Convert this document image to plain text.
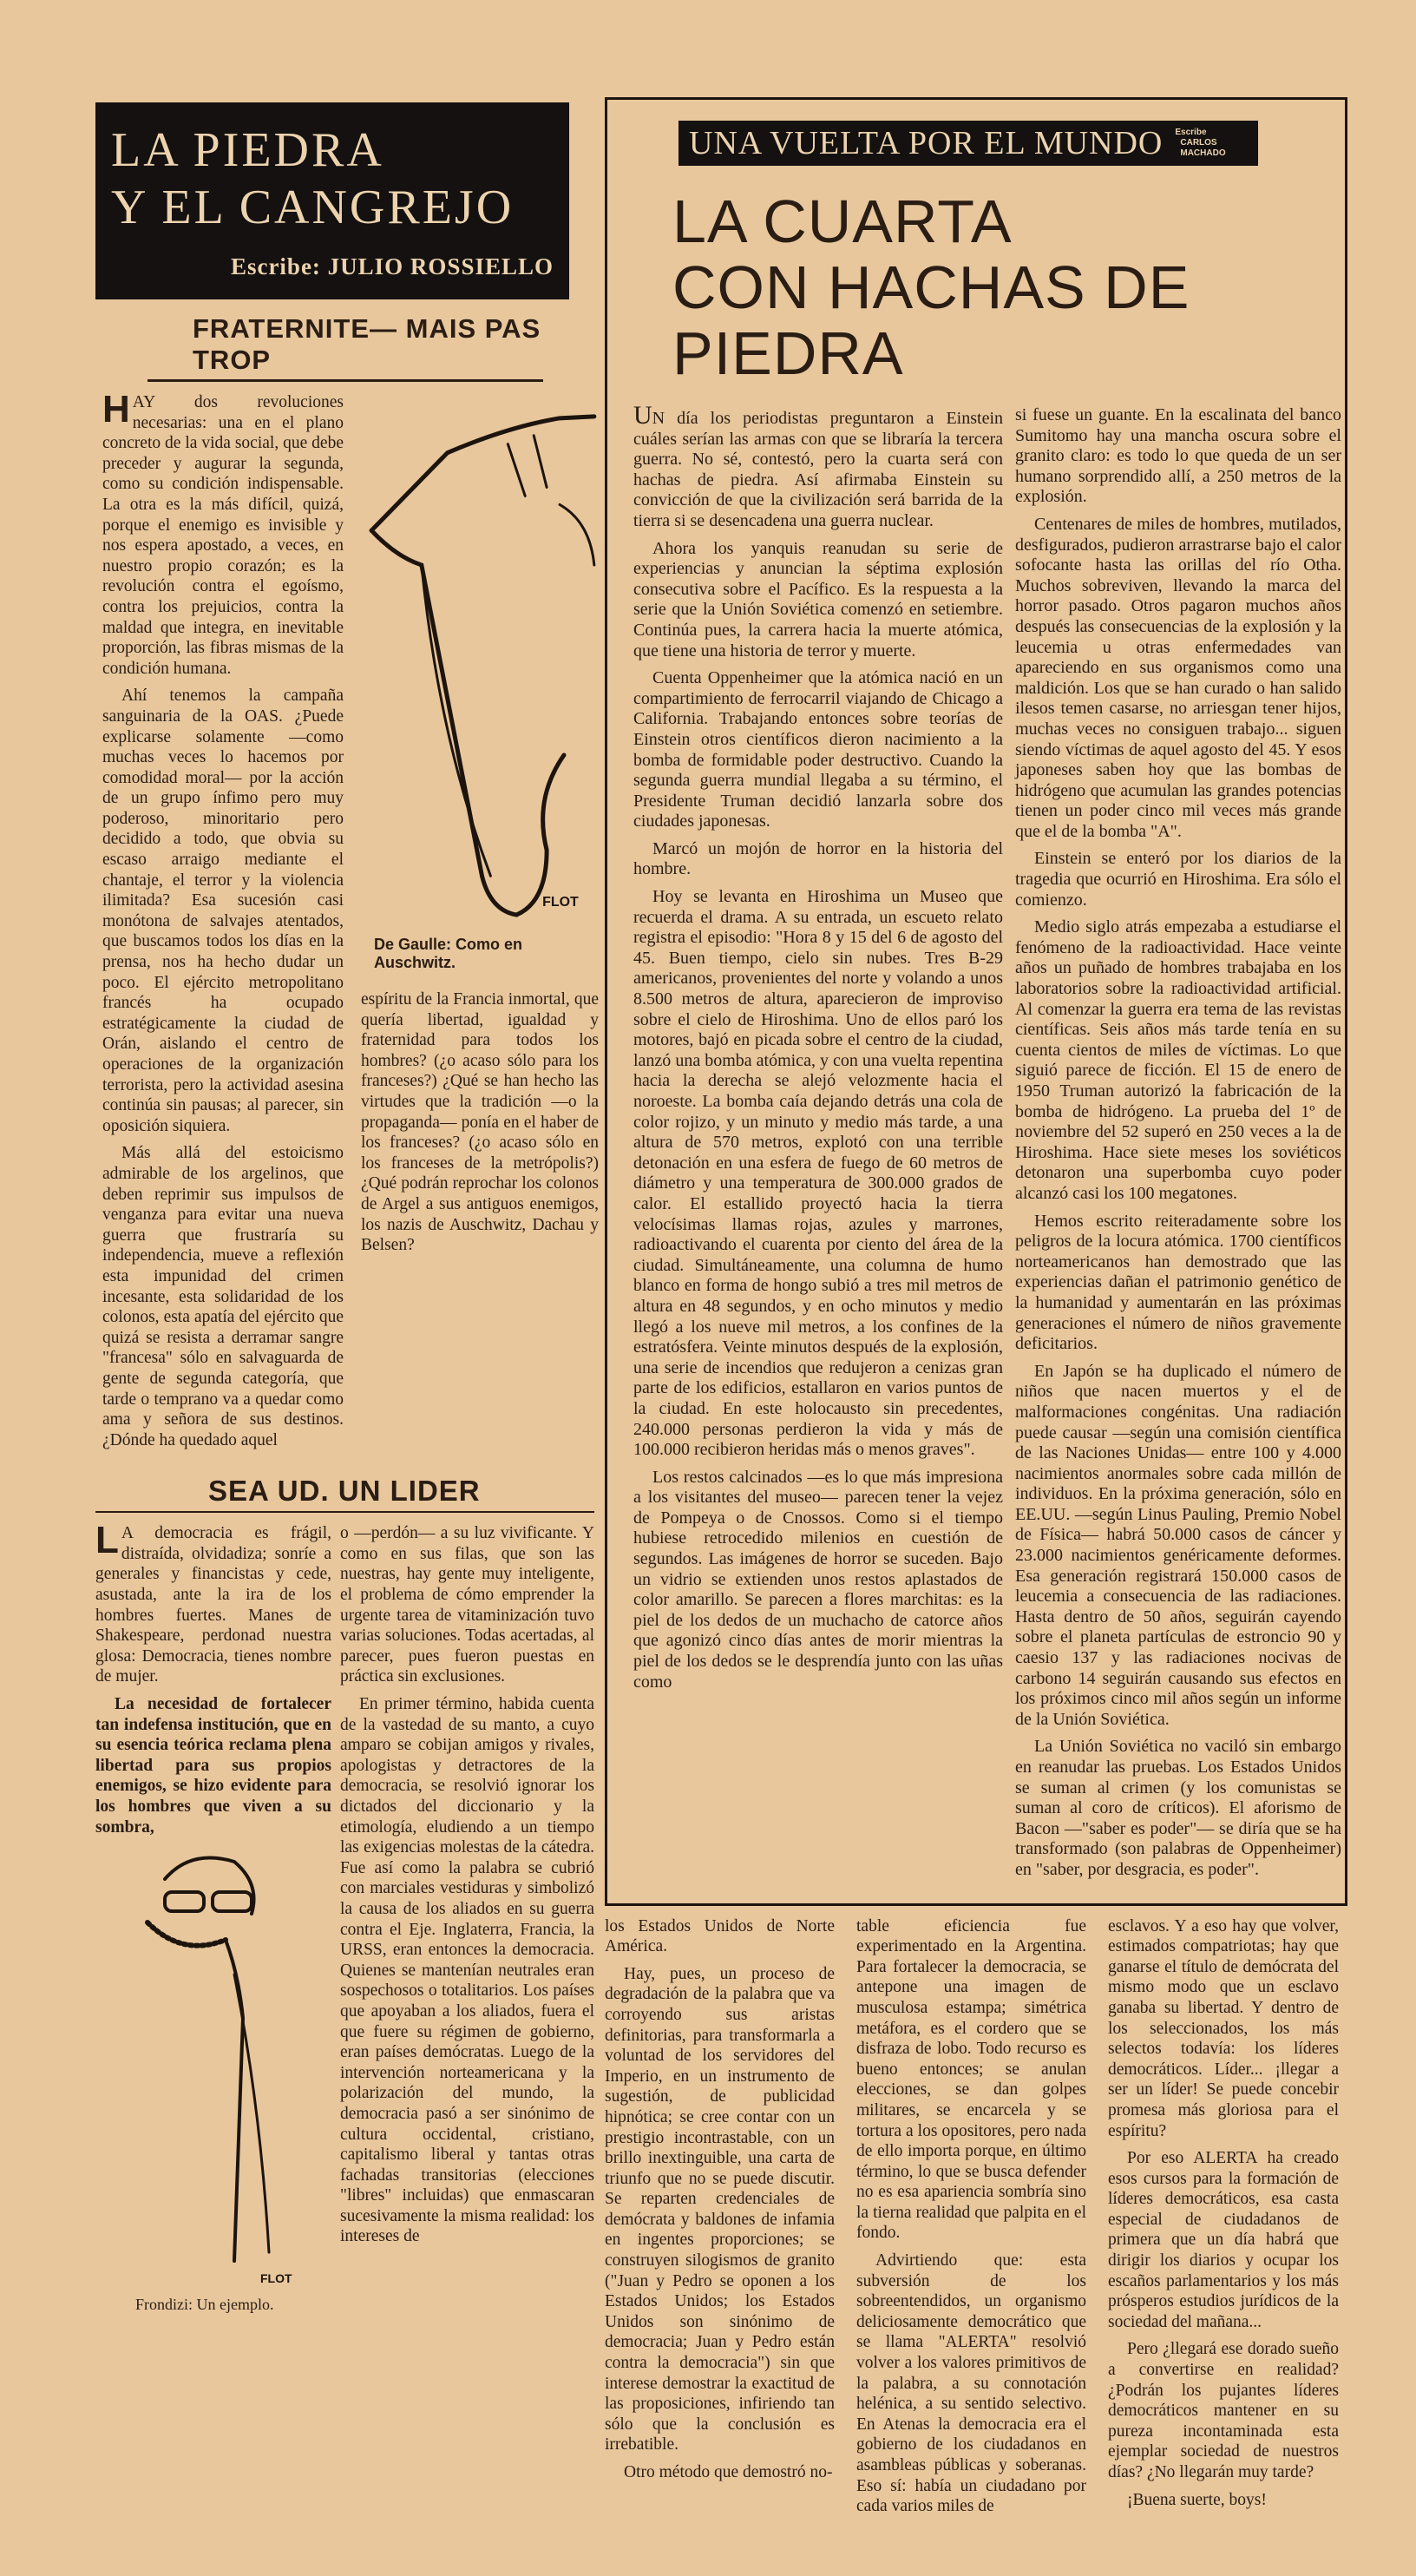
LA PIEDRA
Y EL CANGREJO
Escribe: JULIO ROSSIELLO
FRATERNITE— MAIS PAS TROP

HAY dos revoluciones necesarias: una en el plano concreto de la vida social, que debe preceder y augurar la segunda, como su condición indispensable. La otra es la más difícil, quizá, porque el enemigo es invisible y nos espera apostado, a veces, en nuestro propio corazón; es la revolución contra el egoísmo, contra los prejuicios, contra la maldad que integra, en inevitable proporción, las fibras mismas de la condición humana.

Ahí tenemos la campaña sanguinaria de la OAS. ¿Puede explicarse solamente —como muchas veces lo hacemos por comodidad moral— por la acción de un grupo ínfimo pero muy poderoso, minoritario pero decidido a todo, que obvia su escaso arraigo mediante el chantaje, el terror y la violencia ilimitada? Esa sucesión casi monótona de salvajes atentados, que buscamos todos los días en la prensa, nos ha hecho dudar un poco. El ejército metropolitano francés ha ocupado estratégicamente la ciudad de Orán, aislando el centro de operaciones de la organización terrorista, pero la actividad asesina continúa sin pausas; al parecer, sin oposición siquiera.

Más allá del estoicismo admirable de los argelinos, que deben reprimir sus impulsos de venganza para evitar una nueva guerra que frustraría su independencia, mueve a reflexión esta impunidad del crimen incesante, esta solidaridad de los colonos, esta apatía del ejército que quizá se resista a derramar sangre "francesa" sólo en salvaguarda de gente de segunda categoría, que tarde o temprano va a quedar como ama y señora de sus destinos. ¿Dónde ha quedado aquel

FLOT
De Gaulle: Como en Auschwitz.

espíritu de la Francia inmortal, que quería libertad, igualdad y fraternidad para todos los hombres? (¿o acaso sólo para los franceses?) ¿Qué se han hecho las virtudes que la tradición —o la propaganda— ponía en el haber de los franceses? (¿o acaso sólo en los franceses de la metrópolis?) ¿Qué podrán reprochar los colonos de Argel a sus antiguos enemigos, los nazis de Auschwitz, Dachau y Belsen?

SEA UD. UN LIDER

L A democracia es frágil, distraída, olvidadiza; sonríe a generales y financistas y cede, asustada, ante la ira de los hombres fuertes. Manes de Shakespeare, perdonad nuestra glosa: Democracia, tienes nombre de mujer.

La necesidad de fortalecer tan indefensa institución, que en su esencia teórica reclama plena libertad para sus propios enemigos, se hizo evidente para los hombres que viven a su sombra,

FLOT
Frondizi: Un ejemplo.

o —perdón— a su luz vivificante. Y como en sus filas, que son las nuestras, hay gente muy inteligente, el problema de cómo emprender la urgente tarea de vitaminización tuvo varias soluciones. Todas acertadas, al parecer, pues fueron puestas en práctica sin exclusiones.

En primer término, habida cuenta de la vastedad de su manto, a cuyo amparo se cobijan amigos y rivales, apologistas y detractores de la democracia, se resolvió ignorar los dictados del diccionario y la etimología, eludiendo a un tiempo las exigencias molestas de la cátedra. Fue así como la palabra se cubrió con marciales vestiduras y simbolizó la causa de los aliados en su guerra contra el Eje. Inglaterra, Francia, la URSS, eran entonces la democracia. Quienes se mantenían neutrales eran sospechosos o totalitarios. Los países que apoyaban a los aliados, fuera el que fuere su régimen de gobierno, eran países demócratas. Luego de la intervención norteamericana y la polarización del mundo, la democracia pasó a ser sinónimo de cultura occidental, cristiano, capitalismo liberal y tantas otras fachadas transitorias (elecciones "libres" incluidas) que enmascaran sucesivamente la misma realidad: los intereses de

UNA VUELTA POR EL MUNDO Escribe
CARLOS
MACHADO
LA CUARTA
CON HACHAS DE PIEDRA

UN día los periodistas preguntaron a Einstein cuáles serían las armas con que se libraría la tercera guerra. No sé, contestó, pero la cuarta será con hachas de piedra. Así afirmaba Einstein su convicción de que la civilización será barrida de la tierra si se desencadena una guerra nuclear.

Ahora los yanquis reanudan su serie de experiencias y anuncian la séptima explosión consecutiva sobre el Pacífico. Es la respuesta a la serie que la Unión Soviética comenzó en setiembre. Continúa pues, la carrera hacia la muerte atómica, que tiene una historia de terror y muerte.

Cuenta Oppenheimer que la atómica nació en un compartimiento de ferrocarril viajando de Chicago a California. Trabajando entonces sobre teorías de Einstein otros científicos dieron nacimiento a la bomba de formidable poder destructivo. Cuando la segunda guerra mundial llegaba a su término, el Presidente Truman decidió lanzarla sobre dos ciudades japonesas.

Marcó un mojón de horror en la historia del hombre.

Hoy se levanta en Hiroshima un Museo que recuerda el drama. A su entrada, un escueto relato registra el episodio: "Hora 8 y 15 del 6 de agosto del 45. Buen tiempo, cielo sin nubes. Tres B-29 americanos, provenientes del norte y volando a unos 8.500 metros de altura, aparecieron de improviso sobre el cielo de Hiroshima. Uno de ellos paró los motores, bajó en picada sobre el centro de la ciudad, lanzó una bomba atómica, y con una vuelta repentina hacia la derecha se alejó velozmente hacia el noroeste. La bomba caía dejando detrás una cola de color rojizo, y un minuto y medio más tarde, a una altura de 570 metros, explotó con una terrible detonación en una esfera de fuego de 60 metros de diámetro y una temperatura de 300.000 grados de calor. El estallido proyectó hacia la tierra velocísimas llamas rojas, azules y marrones, radioactivando el cuarenta por ciento del área de la ciudad. Simultáneamente, una columna de humo blanco en forma de hongo subió a tres mil metros de altura en 48 segundos, y en ocho minutos y medio llegó a los nueve mil metros, a los confines de la estratósfera. Veinte minutos después de la explosión, una serie de incendios que redujeron a cenizas gran parte de los edificios, estallaron en varios puntos de la ciudad. En este holocausto sin precedentes, 240.000 personas perdieron la vida y más de 100.000 recibieron heridas más o menos graves".

Los restos calcinados —es lo que más impresiona a los visitantes del museo— parecen tener la vejez de Pompeya o de Cnossos. Como si el tiempo hubiese retrocedido milenios en cuestión de segundos. Las imágenes de horror se suceden. Bajo un vidrio se extienden unos restos aplastados de color amarillo. Se parecen a flores marchitas: es la piel de los dedos de un muchacho de catorce años que agonizó cinco días antes de morir mientras la piel de los dedos se le desprendía junto con las uñas como

si fuese un guante. En la escalinata del banco Sumitomo hay una mancha oscura sobre el granito claro: es todo lo que queda de un ser humano sorprendido allí, a 250 metros de la explosión.

Centenares de miles de hombres, mutilados, desfigurados, pudieron arrastrarse bajo el calor sofocante hasta las orillas del río Otha. Muchos sobreviven, llevando la marca del horror pasado. Otros pagaron muchos años después las consecuencias de la explosión y la leucemia u otras enfermedades van apareciendo en sus organismos como una maldición. Los que se han curado o han salido ilesos temen casarse, no arriesgan tener hijos, muchas veces no consiguen trabajo... siguen siendo víctimas de aquel agosto del 45. Y esos japoneses saben hoy que las bombas de hidrógeno que acumulan las grandes potencias tienen un poder cinco mil veces más grande que el de la bomba "A".

Einstein se enteró por los diarios de la tragedia que ocurrió en Hiroshima. Era sólo el comienzo.

Medio siglo atrás empezaba a estudiarse el fenómeno de la radioactividad. Hace veinte años un puñado de hombres trabajaba en los laboratorios sobre la radioactividad artificial. Al comenzar la guerra era tema de las revistas científicas. Seis años más tarde tenía en su cuenta cientos de miles de víctimas. Lo que siguió parece de ficción. El 15 de enero de 1950 Truman autorizó la fabricación de la bomba de hidrógeno. La prueba del 1º de noviembre del 52 superó en 250 veces a la de Hiroshima. Hace siete meses los soviéticos detonaron una superbomba cuyo poder alcanzó casi los 100 megatones.

Hemos escrito reiteradamente sobre los peligros de la locura atómica. 1700 científicos norteamericanos han demostrado que las experiencias dañan el patrimonio genético de la humanidad y aumentarán en las próximas generaciones el número de niños gravemente deficitarios.

En Japón se ha duplicado el número de niños que nacen muertos y el de malformaciones congénitas. Una radiación puede causar —según una comisión científica de las Naciones Unidas— entre 100 y 4.000 nacimientos anormales sobre cada millón de individuos. En la próxima generación, sólo en EE.UU. —según Linus Pauling, Premio Nobel de Física— habrá 50.000 casos de cáncer y 23.000 nacimientos genéricamente deformes. Esa generación registrará 150.000 casos de leucemia a consecuencia de las radiaciones. Hasta dentro de 50 años, seguirán cayendo sobre el planeta partículas de estroncio 90 y caesio 137 y las radiaciones nocivas de carbono 14 seguirán causando sus efectos en los próximos cinco mil años según un informe de la Unión Soviética.

La Unión Soviética no vaciló sin embargo en reanudar las pruebas. Los Estados Unidos se suman al crimen (y los comunistas se suman al coro de críticos). El aforismo de Bacon —"saber es poder"— se diría que se ha transformado (son palabras de Oppenheimer) en "saber, por desgracia, es poder".

los Estados Unidos de Norte América.

Hay, pues, un proceso de degradación de la palabra que va corroyendo sus aristas definitorias, para transformarla a voluntad de los servidores del Imperio, en un instrumento de sugestión, de publicidad hipnótica; se cree contar con un prestigio incontrastable, con un brillo inextinguible, una carta de triunfo que no se puede discutir. Se reparten credenciales de demócrata y baldones de infamia en ingentes proporciones; se construyen silogismos de granito ("Juan y Pedro se oponen a los Estados Unidos; los Estados Unidos son sinónimo de democracia; Juan y Pedro están contra la democracia") sin que interese demostrar la exactitud de las proposiciones, infiriendo tan sólo que la conclusión es irrebatible.

Otro método que demostró no-

table eficiencia fue experimentado en la Argentina. Para fortalecer la democracia, se antepone una imagen de musculosa estampa; simétrica metáfora, es el cordero que se disfraza de lobo. Todo recurso es bueno entonces; se anulan elecciones, se dan golpes militares, se encarcela y se tortura a los opositores, pero nada de ello importa porque, en último término, lo que se busca defender no es esa apariencia sombría sino la tierna realidad que palpita en el fondo.

Advirtiendo que: esta subversión de los sobreentendidos, un organismo deliciosamente democrático que se llama "ALERTA" resolvió volver a los valores primitivos de la palabra, a su connotación helénica, a su sentido selectivo. En Atenas la democracia era el gobierno de los ciudadanos en asambleas públicas y soberanas. Eso sí: había un ciudadano por cada varios miles de

esclavos. Y a eso hay que volver, estimados compatriotas; hay que ganarse el título de demócrata del mismo modo que un esclavo ganaba su libertad. Y dentro de los seleccionados, los más selectos todavía: los líderes democráticos. Líder... ¡llegar a ser un líder! Se puede concebir promesa más gloriosa para el espíritu?

Por eso ALERTA ha creado esos cursos para la formación de líderes democráticos, esa casta especial de ciudadanos de primera que un día habrá que dirigir los diarios y ocupar los escaños parlamentarios y los más prósperos estudios jurídicos de la sociedad del mañana...

Pero ¿llegará ese dorado sueño a convertirse en realidad? ¿Podrán los pujantes líderes democráticos mantener en su pureza incontaminada esta ejemplar sociedad de nuestros días? ¿No llegarán muy tarde?

¡Buena suerte, boys!
